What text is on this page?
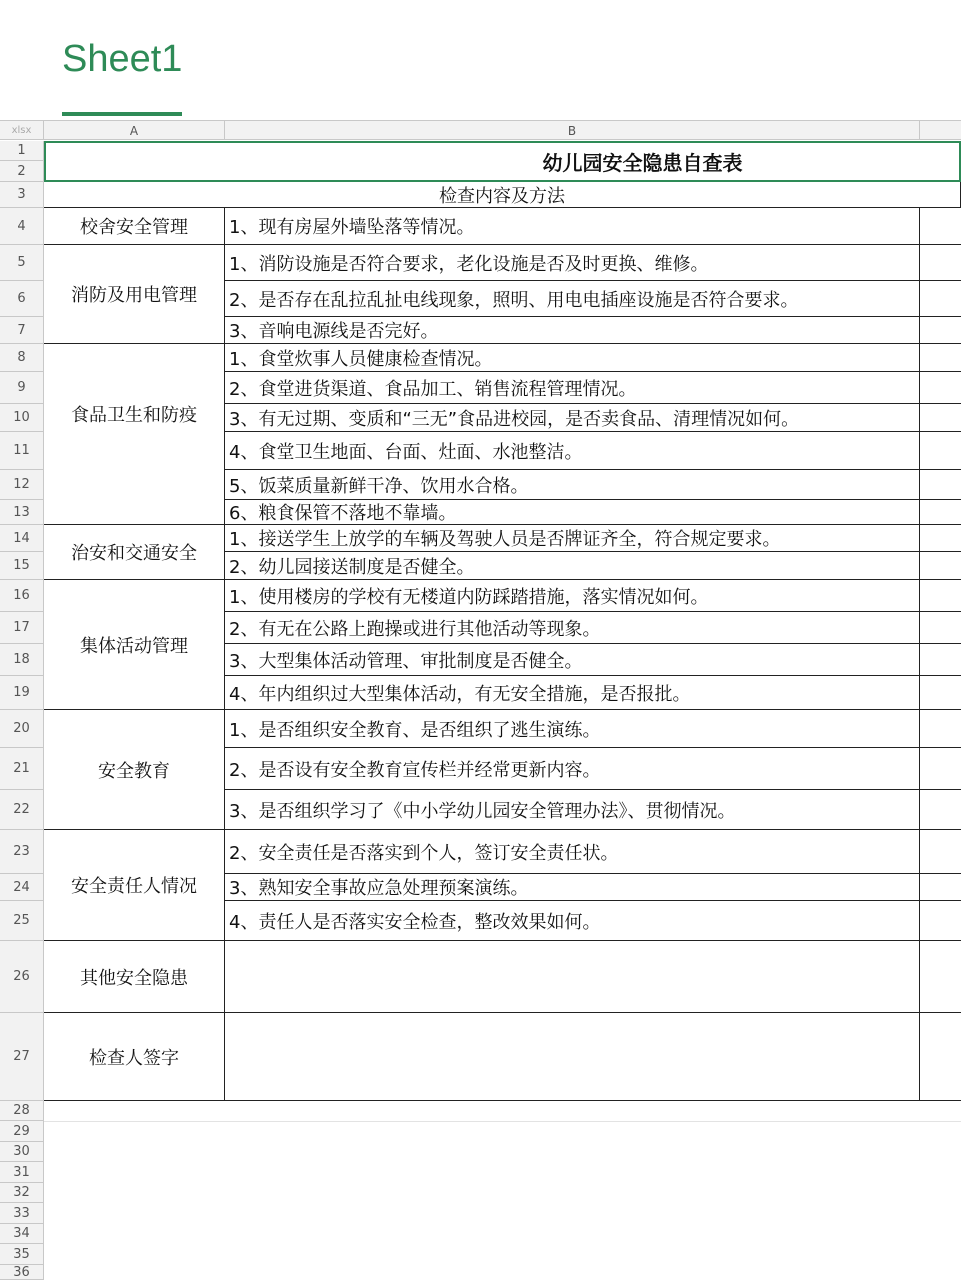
Sheet1
xlsx	A	B
1
2
3
4
5
6
7
8
9
10
11
12
13
14
15
16
17
18
19
20
21
22
23
24
25
26
27
28
29
30
31
32
33
34
35
36
幼儿园安全隐患自查表
检查内容及方法
校舍安全管理
消防及用电管理
食品卫生和防疫
治安和交通安全
集体活动管理
安全教育
安全责任人情况
其他安全隐患
检查人签字
1、现有房屋外墙坠落等情况。
1、消防设施是否符合要求，老化设施是否及时更换、维修。
2、是否存在乱拉乱扯电线现象，照明、用电电插座设施是否符合要求。
3、音响电源线是否完好。
1、食堂炊事人员健康检查情况。
2、食堂进货渠道、食品加工、销售流程管理情况。
3、有无过期、变质和“三无”食品进校园，是否卖食品、清理情况如何。
4、食堂卫生地面、台面、灶面、水池整洁。
5、饭菜质量新鲜干净、饮用水合格。
6、粮食保管不落地不靠墙。
1、接送学生上放学的车辆及驾驶人员是否牌证齐全，符合规定要求。
2、幼儿园接送制度是否健全。
1、使用楼房的学校有无楼道内防踩踏措施，落实情况如何。
2、有无在公路上跑操或进行其他活动等现象。
3、大型集体活动管理、审批制度是否健全。
4、年内组织过大型集体活动，有无安全措施，是否报批。
1、是否组织安全教育、是否组织了逃生演练。
2、是否设有安全教育宣传栏并经常更新内容。
3、是否组织学习了《中小学幼儿园安全管理办法》、贯彻情况。
2、安全责任是否落实到个人，签订安全责任状。
3、熟知安全事故应急处理预案演练。
4、责任人是否落实安全检查，整改效果如何。
